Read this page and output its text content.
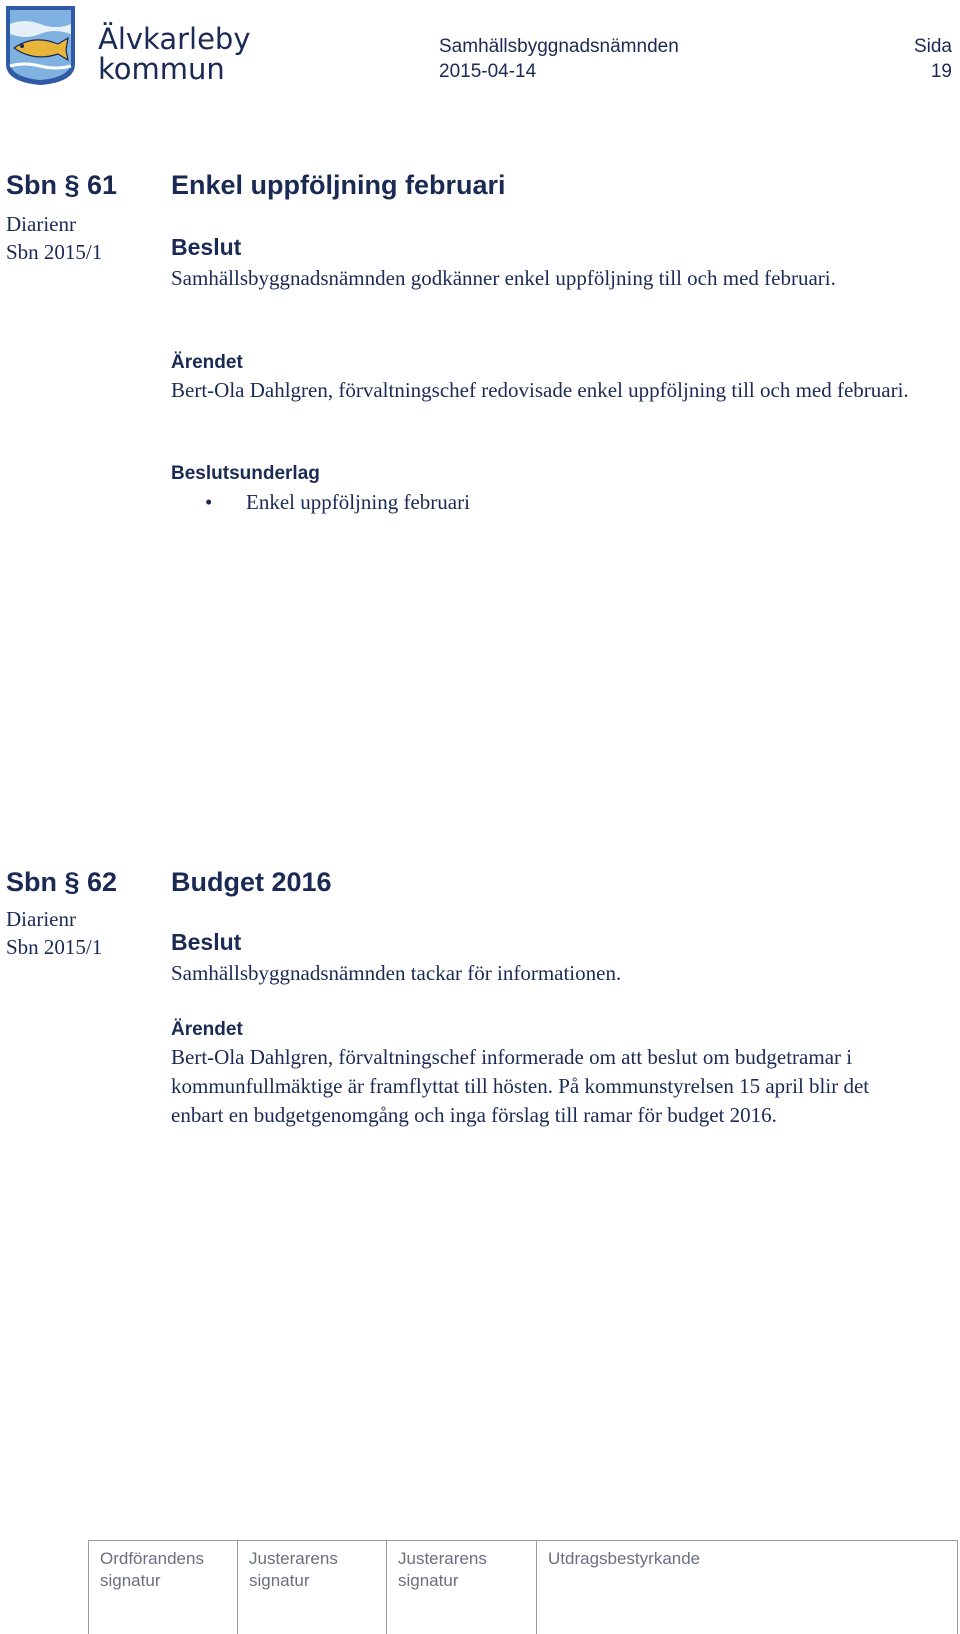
Älvkarleby
kommun
Samhällsbyggnadsnämnden
2015-04-14
Sida
19
Sbn § 61 Enkel uppföljning februari
Diarienr
Sbn 2015/1	Beslut
Samhällsbyggnadsnämnden godkänner enkel uppföljning till och med februari.
Ärendet
Bert-Ola Dahlgren, förvaltningschef redovisade enkel uppföljning till och med februari.
Beslutsunderlag
• Enkel uppföljning februari
Sbn § 62 Budget 2016
Diarienr
Sbn 2015/1	Beslut
Samhällsbyggnadsnämnden tackar för informationen.
Ärendet
Bert-Ola Dahlgren, förvaltningschef informerade om att beslut om budgetramar i kommunfullmäktige är framflyttat till hösten. På kommunstyrelsen 15 april blir det enbart en budgetgenomgång och inga förslag till ramar för budget 2016.
Ordförandens
signatur
Justerarens
signatur
Justerarens
signatur
Utdragsbestyrkande
